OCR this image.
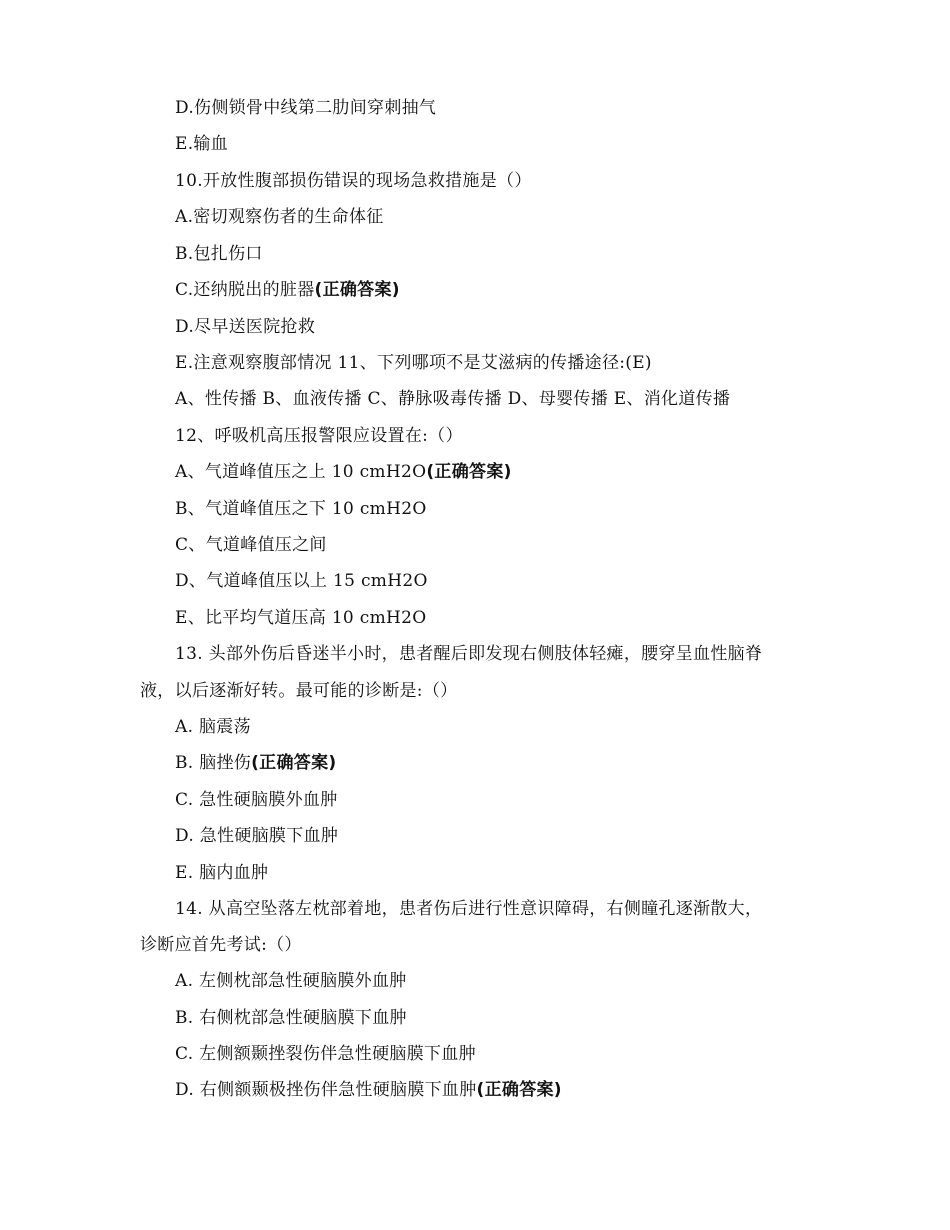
D.伤侧锁骨中线第二肋间穿刺抽气
E.输血
10.开放性腹部损伤错误的现场急救措施是（）
A.密切观察伤者的生命体征
B.包扎伤口
C.还纳脱出的脏器(正确答案)
D.尽早送医院抢救
E.注意观察腹部情况 11、下列哪项不是艾滋病的传播途径:(E)
A、性传播 B、血液传播 C、静脉吸毒传播 D、母婴传播 E、消化道传播
12、呼吸机高压报警限应设置在:（）
A、气道峰值压之上 10 cmH2O(正确答案)
B、气道峰值压之下 10 cmH2O
C、气道峰值压之间
D、气道峰值压以上 15 cmH2O
E、比平均气道压高 10 cmH2O
13. 头部外伤后昏迷半小时，患者醒后即发现右侧肢体轻瘫，腰穿呈血性脑脊
液，以后逐渐好转。最可能的诊断是:（）
A. 脑震荡
B. 脑挫伤(正确答案)
C. 急性硬脑膜外血肿
D. 急性硬脑膜下血肿
E. 脑内血肿
14. 从高空坠落左枕部着地，患者伤后进行性意识障碍，右侧瞳孔逐渐散大，
诊断应首先考试:（）
A. 左侧枕部急性硬脑膜外血肿
B. 右侧枕部急性硬脑膜下血肿
C. 左侧额颞挫裂伤伴急性硬脑膜下血肿
D. 右侧额颞极挫伤伴急性硬脑膜下血肿(正确答案)
